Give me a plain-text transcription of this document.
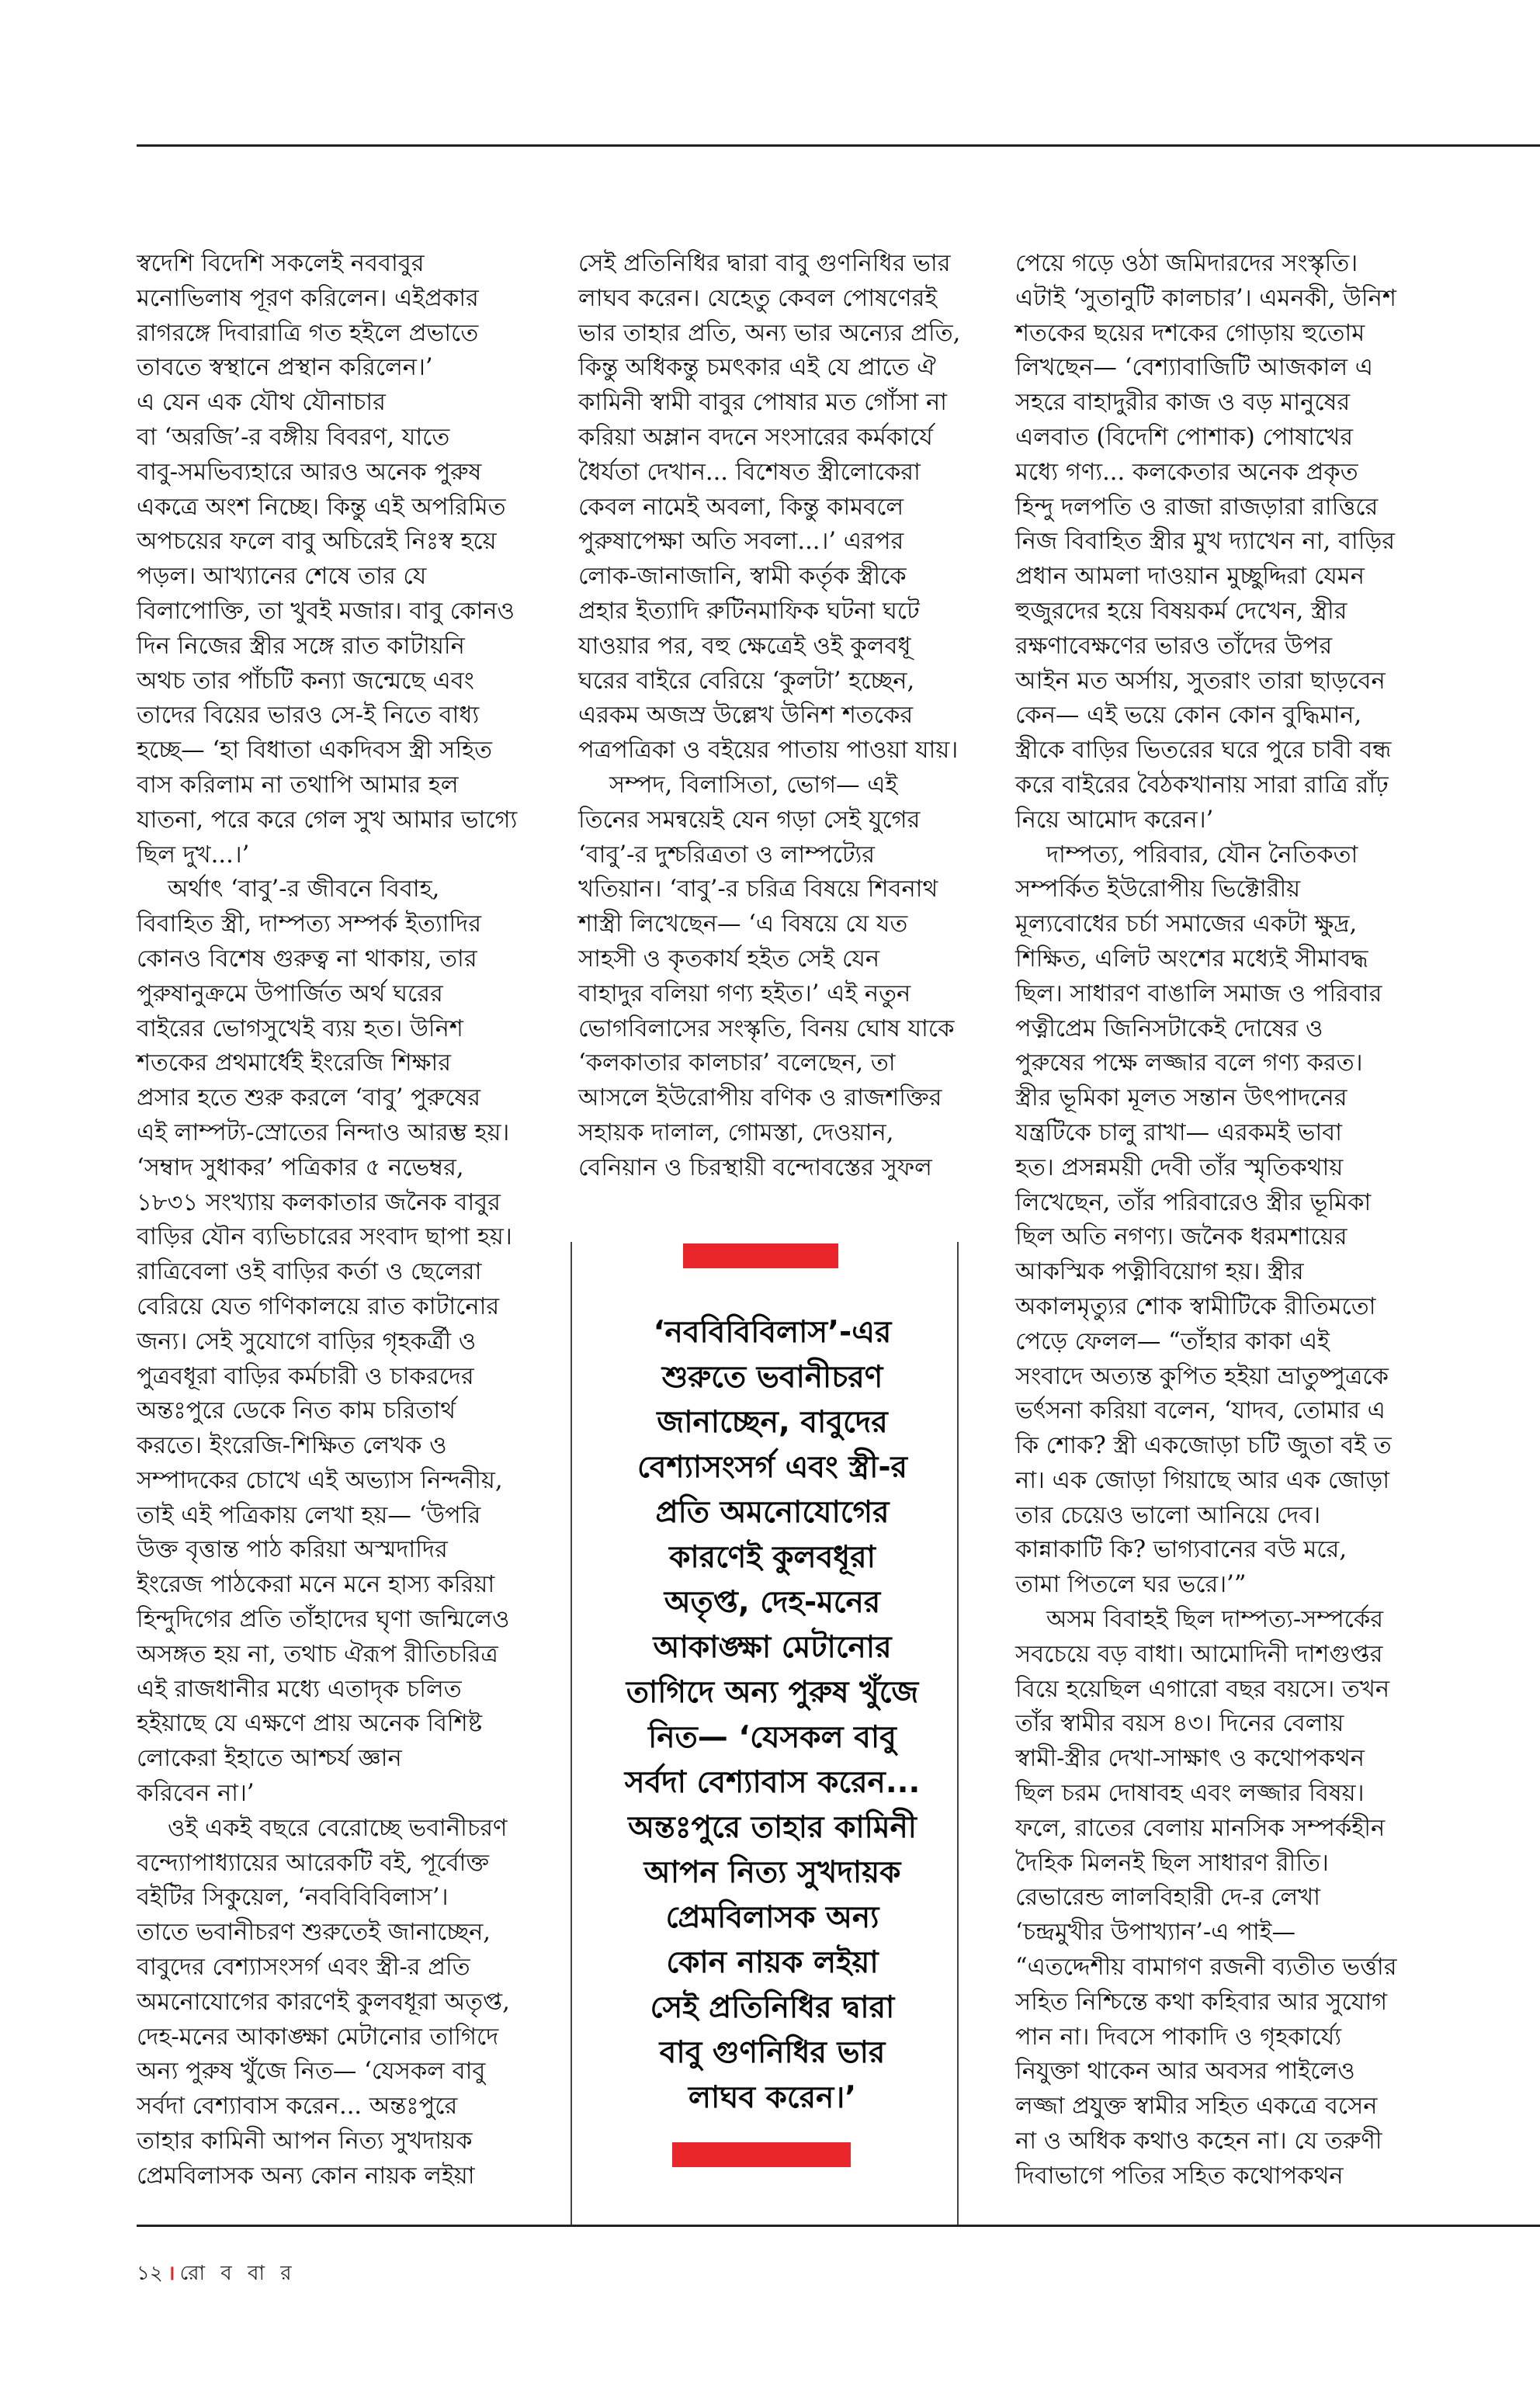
স্বদেশি বিদেশি সকলেই নববাবুর
মনোভিলাষ পূরণ করিলেন। এইপ্রকার
রাগরঙ্গে দিবারাত্রি গত হইলে প্রভাতে
তাবতে স্বস্থানে প্রস্থান করিলেন।’
এ যেন এক যৌথ যৌনাচার
বা ‘অরজি’-র বঙ্গীয় বিবরণ, যাতে
বাবু-সমভিব্যহারে আরও অনেক পুরুষ
একত্রে অংশ নিচ্ছে। কিন্তু এই অপরিমিত
অপচয়ের ফলে বাবু অচিরেই নিঃস্ব হয়ে
পড়ল। আখ্যানের শেষে তার যে
বিলাপোক্তি, তা খুবই মজার। বাবু কোনও
দিন নিজের স্ত্রীর সঙ্গে রাত কাটায়নি
অথচ তার পাঁচটি কন্যা জন্মেছে এবং
তাদের বিয়ের ভারও সে-ই নিতে বাধ্য
হচ্ছে— ‘হা বিধাতা একদিবস স্ত্রী সহিত
বাস করিলাম না তথাপি আমার হল
যাতনা, পরে করে গেল সুখ আমার ভাগ্যে
ছিল দুখ...।’

অর্থাৎ ‘বাবু’-র জীবনে বিবাহ,
বিবাহিত স্ত্রী, দাম্পত্য সম্পর্ক ইত্যাদির
কোনও বিশেষ গুরুত্ব না থাকায়, তার
পুরুষানুক্রমে উপার্জিত অর্থ ঘরের
বাইরের ভোগসুখেই ব্যয় হত। উনিশ
শতকের প্রথমার্ধেই ইংরেজি শিক্ষার
প্রসার হতে শুরু করলে ‘বাবু’ পুরুষের
এই লাম্পট্য-স্রোতের নিন্দাও আরম্ভ হয়।
‘সম্বাদ সুধাকর’ পত্রিকার ৫ নভেম্বর,
১৮৩১ সংখ্যায় কলকাতার জনৈক বাবুর
বাড়ির যৌন ব্যভিচারের সংবাদ ছাপা হয়।
রাত্রিবেলা ওই বাড়ির কর্তা ও ছেলেরা
বেরিয়ে যেত গণিকালয়ে রাত কাটানোর
জন্য। সেই সুযোগে বাড়ির গৃহকর্ত্রী ও
পুত্রবধূরা বাড়ির কর্মচারী ও চাকরদের
অন্তঃপুরে ডেকে নিত কাম চরিতার্থ
করতে। ইংরেজি-শিক্ষিত লেখক ও
সম্পাদকের চোখে এই অভ্যাস নিন্দনীয়,
তাই এই পত্রিকায় লেখা হয়— ‘উপরি
উক্ত বৃত্তান্ত পাঠ করিয়া অস্মদাদির
ইংরেজ পাঠকেরা মনে মনে হাস্য করিয়া
হিন্দুদিগের প্রতি তাঁহাদের ঘৃণা জন্মিলেও
অসঙ্গত হয় না, তথাচ ঐরূপ রীতিচরিত্র
এই রাজধানীর মধ্যে এতাদৃক চলিত
হইয়াছে যে এক্ষণে প্রায় অনেক বিশিষ্ট
লোকেরা ইহাতে আশ্চর্য জ্ঞান
করিবেন না।’

ওই একই বছরে বেরোচ্ছে ভবানীচরণ
বন্দ্যোপাধ্যায়ের আরেকটি বই, পূর্বোক্ত
বইটির সিকুয়েল, ‘নববিবিবিলাস’।
তাতে ভবানীচরণ শুরুতেই জানাচ্ছেন,
বাবুদের বেশ্যাসংসর্গ এবং স্ত্রী-র প্রতি
অমনোযোগের কারণেই কুলবধূরা অতৃপ্ত,
দেহ-মনের আকাঙ্ক্ষা মেটানোর তাগিদে
অন্য পুরুষ খুঁজে নিত— ‘যেসকল বাবু
সর্বদা বেশ্যাবাস করেন... অন্তঃপুরে
তাহার কামিনী আপন নিত্য সুখদায়ক
প্রেমবিলাসক অন্য কোন নায়ক লইয়া

সেই প্রতিনিধির দ্বারা বাবু গুণনিধির ভার
লাঘব করেন। যেহেতু কেবল পোষণেরই
ভার তাহার প্রতি, অন্য ভার অন্যের প্রতি,
কিন্তু অধিকন্তু চমৎকার এই যে প্রাতে ঐ
কামিনী স্বামী বাবুর পোষার মত গোঁসা না
করিয়া অম্লান বদনে সংসারের কর্মকার্যে
ধৈর্যতা দেখান... বিশেষত স্ত্রীলোকেরা
কেবল নামেই অবলা, কিন্তু কামবলে
পুরুষাপেক্ষা অতি সবলা...।’ এরপর
লোক-জানাজানি, স্বামী কর্তৃক স্ত্রীকে
প্রহার ইত্যাদি রুটিনমাফিক ঘটনা ঘটে
যাওয়ার পর, বহু ক্ষেত্রেই ওই কুলবধূ
ঘরের বাইরে বেরিয়ে ‘কুলটা’ হচ্ছেন,
এরকম অজস্র উল্লেখ উনিশ শতকের
পত্রপত্রিকা ও বইয়ের পাতায় পাওয়া যায়।

সম্পদ, বিলাসিতা, ভোগ— এই
তিনের সমন্বয়েই যেন গড়া সেই যুগের
‘বাবু’-র দুশ্চরিত্রতা ও লাম্পট্যের
খতিয়ান। ‘বাবু’-র চরিত্র বিষয়ে শিবনাথ
শাস্ত্রী লিখেছেন— ‘এ বিষয়ে যে যত
সাহসী ও কৃতকার্য হইত সেই যেন
বাহাদুর বলিয়া গণ্য হইত।’ এই নতুন
ভোগবিলাসের সংস্কৃতি, বিনয় ঘোষ যাকে
‘কলকাতার কালচার’ বলেছেন, তা
আসলে ইউরোপীয় বণিক ও রাজশক্তির
সহায়ক দালাল, গোমস্তা, দেওয়ান,
বেনিয়ান ও চিরস্থায়ী বন্দোবস্তের সুফল

‘নববিবিবিলাস’-এর
শুরুতে ভবানীচরণ
জানাচ্ছেন, বাবুদের
বেশ্যাসংসর্গ এবং স্ত্রী-র
প্রতি অমনোযোগের
কারণেই কুলবধূরা
অতৃপ্ত, দেহ-মনের
আকাঙ্ক্ষা মেটানোর
তাগিদে অন্য পুরুষ খুঁজে
নিত— ‘যেসকল বাবু
সর্বদা বেশ্যাবাস করেন...
অন্তঃপুরে তাহার কামিনী
আপন নিত্য সুখদায়ক
প্রেমবিলাসক অন্য
কোন নায়ক লইয়া
সেই প্রতিনিধির দ্বারা
বাবু গুণনিধির ভার
লাঘব করেন।’

পেয়ে গড়ে ওঠা জমিদারদের সংস্কৃতি।
এটাই ‘সুতানুটি কালচার’। এমনকী, উনিশ
শতকের ছয়ের দশকের গোড়ায় হুতোম
লিখছেন— ‘বেশ্যাবাজিটি আজকাল এ
সহরে বাহাদুরীর কাজ ও বড় মানুষের
এলবাত (বিদেশি পোশাক) পোষাখের
মধ্যে গণ্য... কলকেতার অনেক প্রকৃত
হিন্দু দলপতি ও রাজা রাজড়ারা রাত্তিরে
নিজ বিবাহিত স্ত্রীর মুখ দ্যাখেন না, বাড়ির
প্রধান আমলা দাওয়ান মুচ্ছুদ্দিরা যেমন
হুজুরদের হয়ে বিষয়কর্ম দেখেন, স্ত্রীর
রক্ষণাবেক্ষণের ভারও তাঁদের উপর
আইন মত অর্সায়, সুতরাং তারা ছাড়বেন
কেন— এই ভয়ে কোন কোন বুদ্ধিমান,
স্ত্রীকে বাড়ির ভিতরের ঘরে পুরে চাবী বন্ধ
করে বাইরের বৈঠকখানায় সারা রাত্রি রাঁঢ়
নিয়ে আমোদ করেন।’

দাম্পত্য, পরিবার, যৌন নৈতিকতা
সম্পর্কিত ইউরোপীয় ভিক্টোরীয়
মূল্যবোধের চর্চা সমাজের একটা ক্ষুদ্র,
শিক্ষিত, এলিট অংশের মধ্যেই সীমাবদ্ধ
ছিল। সাধারণ বাঙালি সমাজ ও পরিবার
পত্নীপ্রেম জিনিসটাকেই দোষের ও
পুরুষের পক্ষে লজ্জার বলে গণ্য করত।
স্ত্রীর ভূমিকা মূলত সন্তান উৎপাদনের
যন্ত্রটিকে চালু রাখা— এরকমই ভাবা
হত। প্রসন্নময়ী দেবী তাঁর স্মৃতিকথায়
লিখেছেন, তাঁর পরিবারেও স্ত্রীর ভূমিকা
ছিল অতি নগণ্য। জনৈক ধরমশায়ের
আকস্মিক পত্নীবিয়োগ হয়। স্ত্রীর
অকালমৃত্যুর শোক স্বামীটিকে রীতিমতো
পেড়ে ফেলল— “তাঁহার কাকা এই
সংবাদে অত্যন্ত কুপিত হইয়া ভ্রাতুষ্পুত্রকে
ভর্ৎসনা করিয়া বলেন, ‘যাদব, তোমার এ
কি শোক? স্ত্রী একজোড়া চটি জুতা বই ত
না। এক জোড়া গিয়াছে আর এক জোড়া
তার চেয়েও ভালো আনিয়ে দেব।
কান্নাকাটি কি? ভাগ্যবানের বউ মরে,
তামা পিতলে ঘর ভরে।’”

অসম বিবাহই ছিল দাম্পত্য-সম্পর্কের
সবচেয়ে বড় বাধা। আমোদিনী দাশগুপ্তর
বিয়ে হয়েছিল এগারো বছর বয়সে। তখন
তাঁর স্বামীর বয়স ৪৩। দিনের বেলায়
স্বামী-স্ত্রীর দেখা-সাক্ষাৎ ও কথোপকথন
ছিল চরম দোষাবহ এবং লজ্জার বিষয়।
ফলে, রাতের বেলায় মানসিক সম্পর্কহীন
দৈহিক মিলনই ছিল সাধারণ রীতি।
রেভারেন্ড লালবিহারী দে-র লেখা
‘চন্দ্রমুখীর উপাখ্যান’-এ পাই—
“এতদ্দেশীয় বামাগণ রজনী ব্যতীত ভর্ত্তার
সহিত নিশ্চিন্তে কথা কহিবার আর সুযোগ
পান না। দিবসে পাকাদি ও গৃহকার্য্যে
নিযুক্তা থাকেন আর অবসর পাইলেও
লজ্জা প্রযুক্ত স্বামীর সহিত একত্রে বসেন
না ও অধিক কথাও কহেন না। যে তরুণী
দিবাভাগে পতির সহিত কথোপকথন

১২ । রো ব বা র
